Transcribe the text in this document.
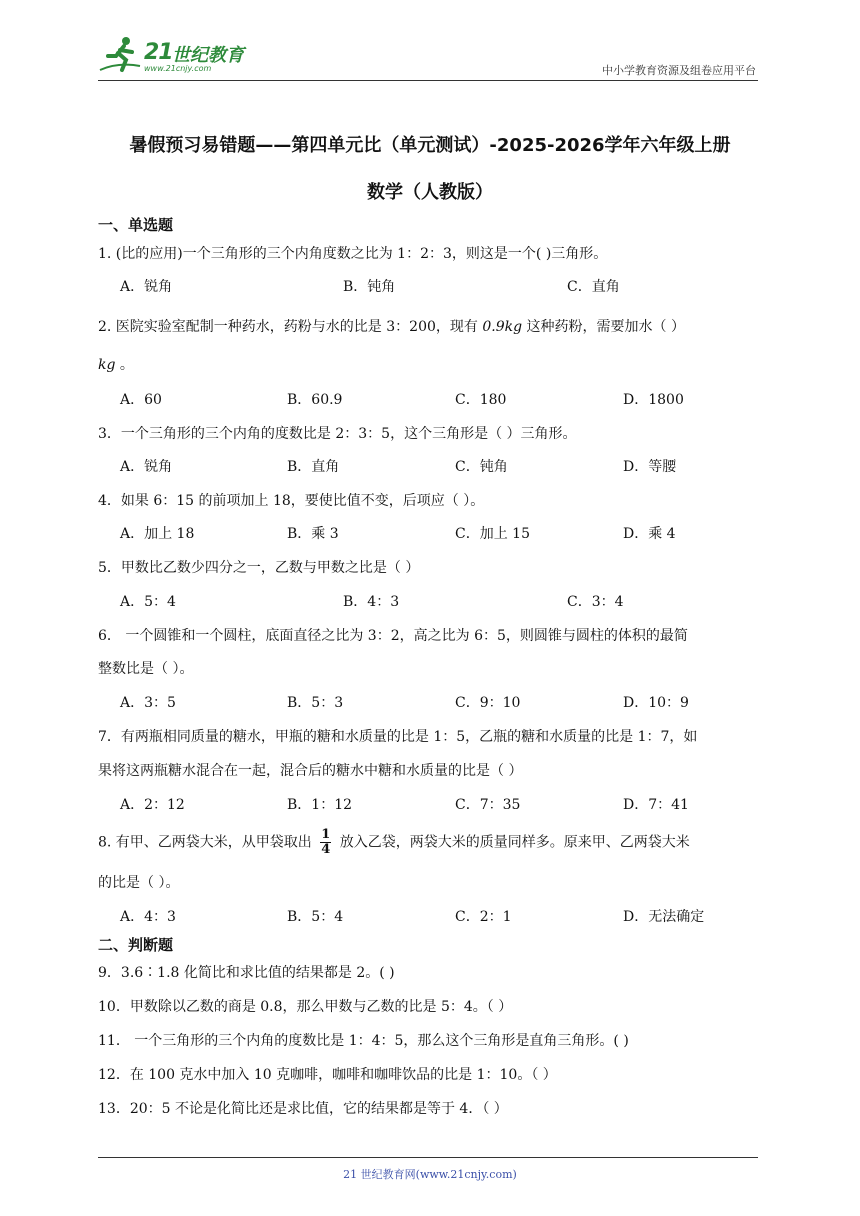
21 世纪教育
www.21cnjy.com	中小学教育资源及组卷应用平台
暑假预习易错题——第四单元比（单元测试）-2025-2026学年六年级上册
数学（人教版）
一、单选题
1. (比的应用)一个三角形的三个内角度数之比为 1：2：3，则这是一个( )三角形。
A．锐角	B．钝角	C．直角
2. 医院实验室配制一种药水，药粉与水的比是 3：200，现有 0.9kg 这种药粉，需要加水（ ）
kg 。
A．60	B．60.9	C．180	D．1800
3．一个三角形的三个内角的度数比是 2：3：5，这个三角形是（ ）三角形。
A．锐角	B．直角	C．钝角	D．等腰
4．如果 6：15 的前项加上 18，要使比值不变，后项应（ ）。
A．加上 18	B．乘 3	C．加上 15	D．乘 4
5．甲数比乙数少四分之一，乙数与甲数之比是（ ）
A．5：4	B．4：3	C．3：4
6． 一个圆锥和一个圆柱，底面直径之比为 3：2，高之比为 6：5，则圆锥与圆柱的体积的最简
整数比是（ ）。
A．3：5	B．5：3	C．9：10	D．10：9
7．有两瓶相同质量的糖水，甲瓶的糖和水质量的比是 1：5，乙瓶的糖和水质量的比是 1：7，如
果将这两瓶糖水混合在一起，混合后的糖水中糖和水质量的比是（ ）
A．2：12	B．1：12	C．7：35	D．7：41
8. 有甲、乙两袋大米，从甲袋取出 $\frac{1}{4}$ 放入乙袋，两袋大米的质量同样多。原来甲、乙两袋大米
的比是（ ）。
A．4：3	B．5：4	C．2：1	D．无法确定
二、判断题
9．3.6∶1.8 化简比和求比值的结果都是 2。( )
10．甲数除以乙数的商是 0.8，那么甲数与乙数的比是 5：4。（ ）
11． 一个三角形的三个内角的度数比是 1：4：5，那么这个三角形是直角三角形。( )
12．在 100 克水中加入 10 克咖啡，咖啡和咖啡饮品的比是 1：10。（ ）
13．20：5 不论是化简比还是求比值，它的结果都是等于 4．（ ）
21 世纪教育网(www.21cnjy.com)
